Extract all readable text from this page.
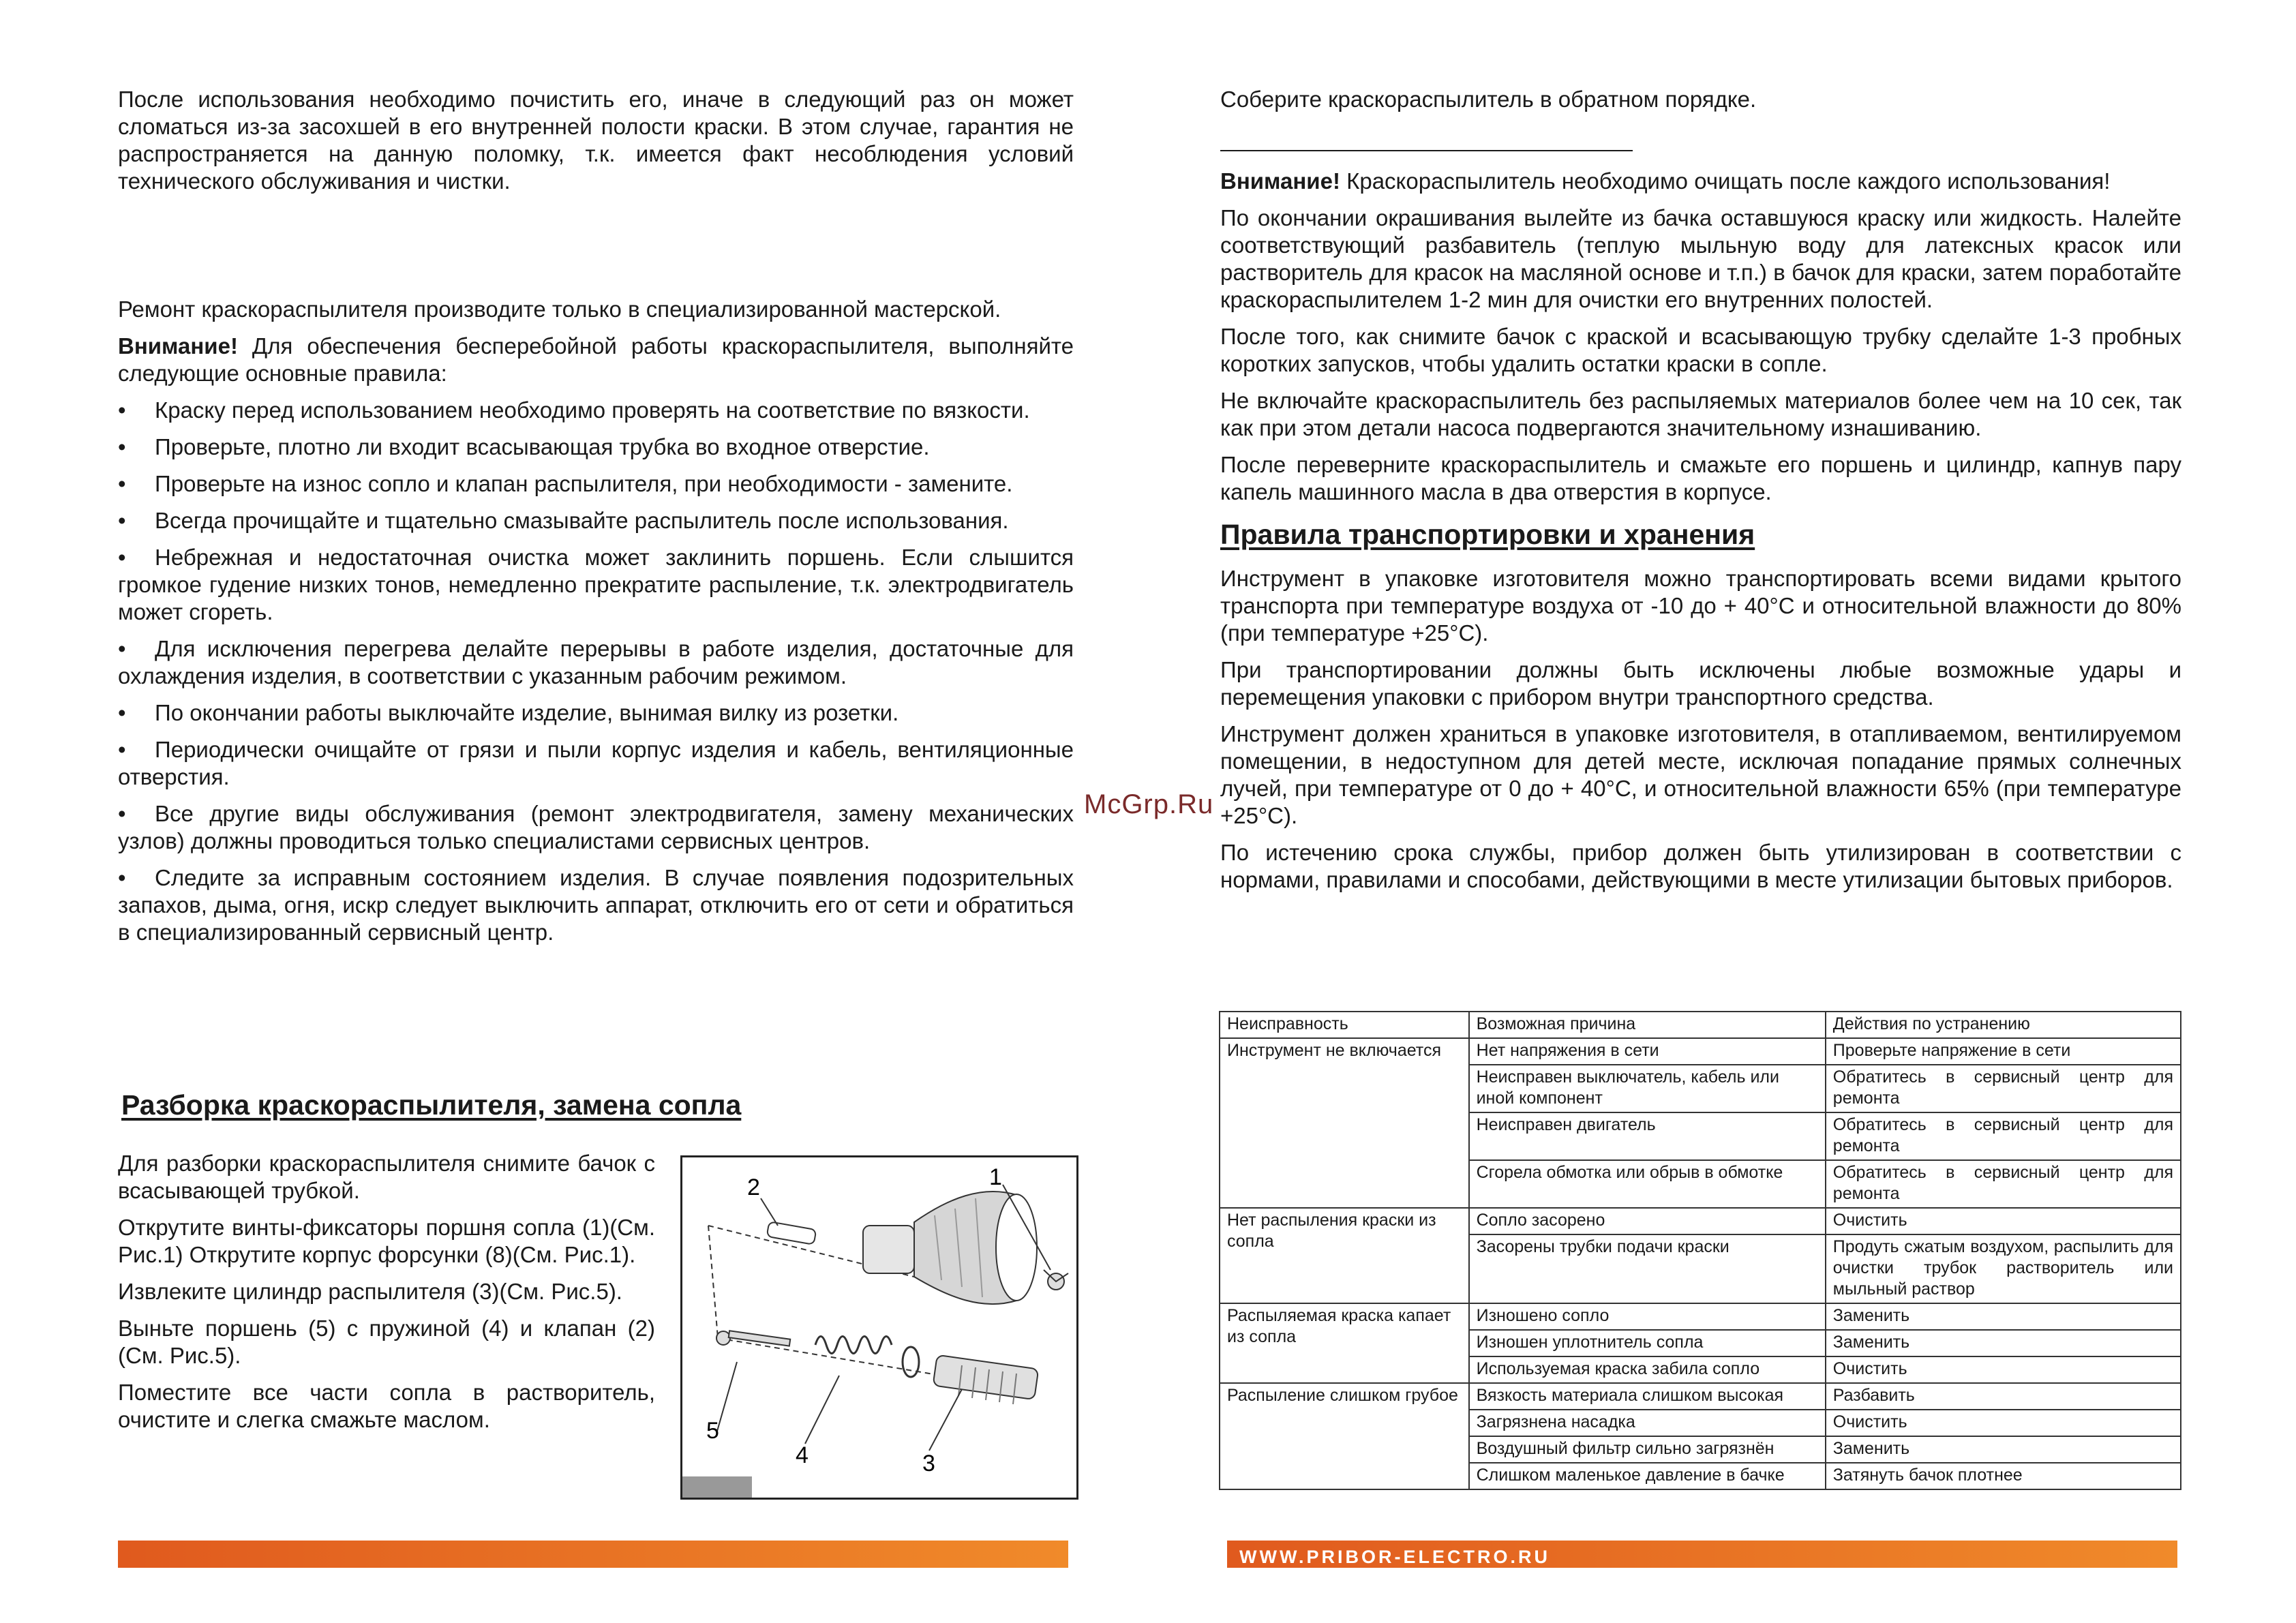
После использования необходимо почистить его, иначе в следующий раз он может сломаться из-за засохшей в его внутренней полости краски. В этом случае, гарантия не распространяется на данную поломку, т.к. имеется факт несоблюдения условий технического обслуживания и чистки.

Ремонт краскораспылителя производите только в специализированной мастерской.

Внимание! Для обеспечения бесперебойной работы краскораспылителя, выполняйте следующие основные правила:

• Краску перед использованием необходимо проверять на соответствие по вязкости.

• Проверьте, плотно ли входит всасывающая трубка во входное отверстие.

• Проверьте на износ сопло и клапан распылителя, при необходимости - замените.

• Всегда прочищайте и тщательно смазывайте распылитель после использования.

• Небрежная и недостаточная очистка может заклинить поршень. Если слышится громкое гудение низких тонов, немедленно прекратите распыление, т.к. электродвигатель может сгореть.

• Для исключения перегрева делайте перерывы в работе изделия, достаточные для охлаждения изделия, в соответствии с указанным рабочим режимом.

• По окончании работы выключайте изделие, вынимая вилку из розетки.

• Периодически очищайте от грязи и пыли корпус изделия и кабель, вентиляционные отверстия.

• Все другие виды обслуживания (ремонт электродвигателя, замену механических узлов) должны проводиться только специалистами сервисных центров.

• Следите за исправным состоянием изделия. В случае появления подозрительных запахов, дыма, огня, искр следует выключить аппарат, отключить его от сети и обратиться в специализированный сервисный центр.

Разборка краскораспылителя, замена сопла

Для разборки краскораспылителя снимите бачок с всасывающей трубкой.

Открутите винты-фиксаторы поршня сопла (1)(См. Рис.1) Открутите корпус форсунки (8)(См. Рис.1).

Извлеките цилиндр распылителя (3)(См. Рис.5).

Выньте поршень (5) с пружиной (4) и клапан (2)(См. Рис.5).

Поместите все части сопла в растворитель, очистите и слегка смажьте маслом.

1
2
3
4
5

Соберите краскораспылитель в обратном порядке.

Внимание! Краскораспылитель необходимо очищать после каждого использования!

По окончании окрашивания вылейте из бачка оставшуюся краску или жидкость. Налейте соответствующий разбавитель (теплую мыльную воду для латексных красок или растворитель для красок на масляной основе и т.п.) в бачок для краски, затем поработайте краскораспылителем 1-2 мин для очистки его внутренних полостей.

После того, как снимите бачок с краской и всасывающую трубку сделайте 1-3 пробных коротких запусков, чтобы удалить остатки краски в сопле.

Не включайте краскораспылитель без распыляемых материалов более чем на 10 сек, так как при этом детали насоса подвергаются значительному изнашиванию.

После переверните краскораспылитель и смажьте его поршень и цилиндр, капнув пару капель машинного масла в два отверстия в корпусе.

Правила транспортировки и хранения

Инструмент в упаковке изготовителя можно транспортировать всеми видами крытого транспорта при температуре воздуха от -10 до + 40°C и относительной влажности до 80% (при температуре +25°C).

При транспортировании должны быть исключены любые возможные удары и перемещения упаковки с прибором внутри транспортного средства.

Инструмент должен храниться в упаковке изготовителя, в отапливаемом, вентилируемом помещении, в недоступном для детей месте, исключая попадание прямых солнечных лучей, при температуре от 0 до + 40°C, и относительной влажности 65% (при температуре +25°C).

По истечению срока службы, прибор должен быть утилизирован в соответствии с нормами, правилами и способами, действующими в месте утилизации бытовых приборов.

McGrp.Ru
Неисправность	Возможная причина	Действия по устранению
Инструмент не включается	Нет напряжения в сети	Проверьте напряжение в сети
	Неисправен выключатель, кабель или иной компонент	Обратитесь в сервисный центр для ремонта
	Неисправен двигатель	Обратитесь в сервисный центр для ремонта
	Сгорела обмотка или обрыв в обмотке	Обратитесь в сервисный центр для ремонта
Нет распыления краски из сопла	Сопло засорено	Очистить
	Засорены трубки подачи краски	Продуть сжатым воздухом, распылить для очистки трубок растворитель или мыльный раствор
Распыляемая краска капает из сопла	Изношено сопло	Заменить
	Изношен уплотнитель сопла	Заменить
	Используемая краска забила сопло	Очистить
Распыление слишком грубое	Вязкость материала слишком высокая	Разбавить
	Загрязнена насадка	Очистить
	Воздушный фильтр сильно загрязнён	Заменить
	Слишком маленькое давление в бачке	Затянуть бачок плотнее
WWW.PRIBOR-ELECTRO.RU
